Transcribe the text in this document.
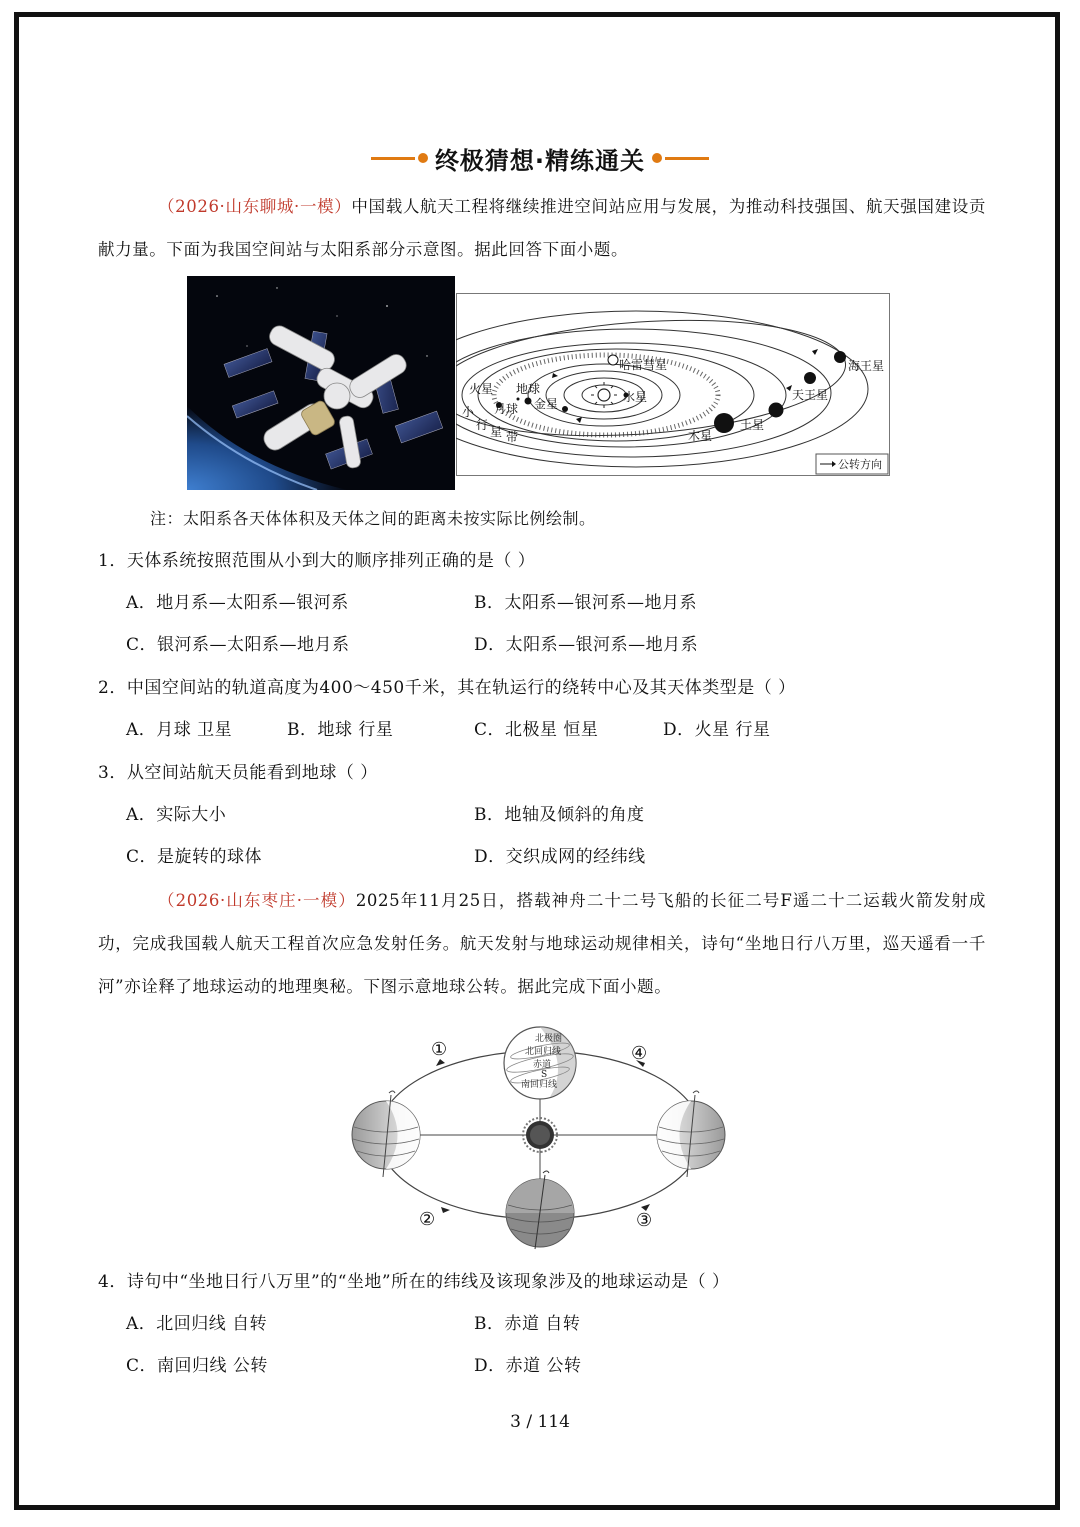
终极猜想·精练通关
（2026·山东聊城·一模）中国载人航天工程将继续推进空间站应用与发展，为推动科技强国、航天强国建设贡献力量。下面为我国空间站与太阳系部分示意图。据此回答下面小题。
哈雷彗星
水星
金星
地球
月球
火星
小
行 星 带	木星
土星
天王星
海王星
公转方向
注：太阳系各天体体积及天体之间的距离未按实际比例绘制。
1．天体系统按照范围从小到大的顺序排列正确的是（ ）
A．地月系—太阳系—银河系	B．太阳系—银河系—地月系
C．银河系—太阳系—地月系	D．太阳系—银河系—地月系
2．中国空间站的轨道高度为400～450千米，其在轨运行的绕转中心及其天体类型是（ ）
A．月球 卫星	B．地球 行星	C．北极星 恒星	D．火星 行星
3．从空间站航天员能看到地球（ ）
A．实际大小	B．地轴及倾斜的角度
C．是旋转的球体	D．交织成网的经纬线
（2026·山东枣庄·一模）2025年11月25日，搭载神舟二十二号飞船的长征二号F遥二十二运载火箭发射成功，完成我国载人航天工程首次应急发射任务。航天发射与地球运动规律相关，诗句“坐地日行八万里，巡天遥看一千河”亦诠释了地球运动的地理奥秘。下图示意地球公转。据此完成下面小题。
北极圈
北回归线
赤道
S
南回归线
①
②	③
④
4．诗句中“坐地日行八万里”的“坐地”所在的纬线及该现象涉及的地球运动是（ ）
A．北回归线 自转	B．赤道 自转
C．南回归线 公转	D．赤道 公转
3 / 114
